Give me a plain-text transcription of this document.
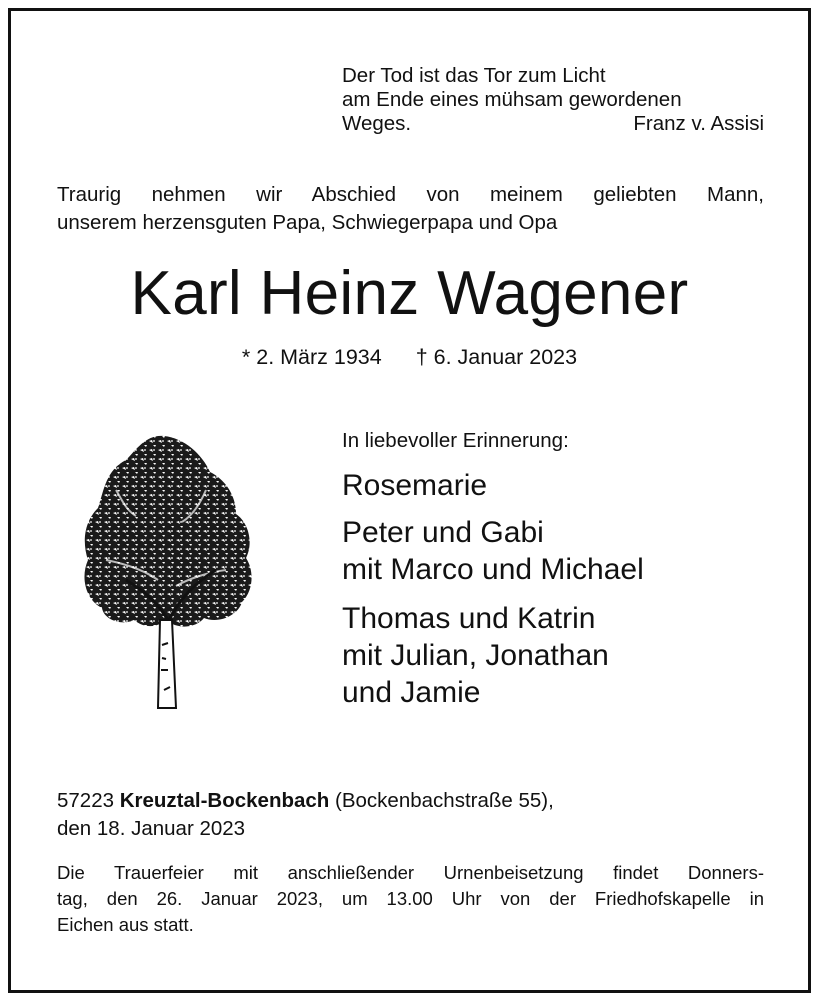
Der Tod ist das Tor zum Licht
am Ende eines mühsam gewordenen
Weges.	Franz v. Assisi
Traurig nehmen wir Abschied von meinem geliebten Mann,
unserem herzensguten Papa, Schwiegerpapa und Opa
Karl Heinz Wagener
* 2. März 1934 † 6. Januar 2023
In liebevoller Erinnerung:
Rosemarie
Peter und Gabi
mit Marco und Michael
Thomas und Katrin
mit Julian, Jonathan
und Jamie
57223 Kreuztal-Bockenbach (Bockenbachstraße 55),
den 18. Januar 2023
Die Trauerfeier mit anschließender Urnenbeisetzung findet Donners-
tag, den 26. Januar 2023, um 13.00 Uhr von der Friedhofskapelle in
Eichen aus statt.
